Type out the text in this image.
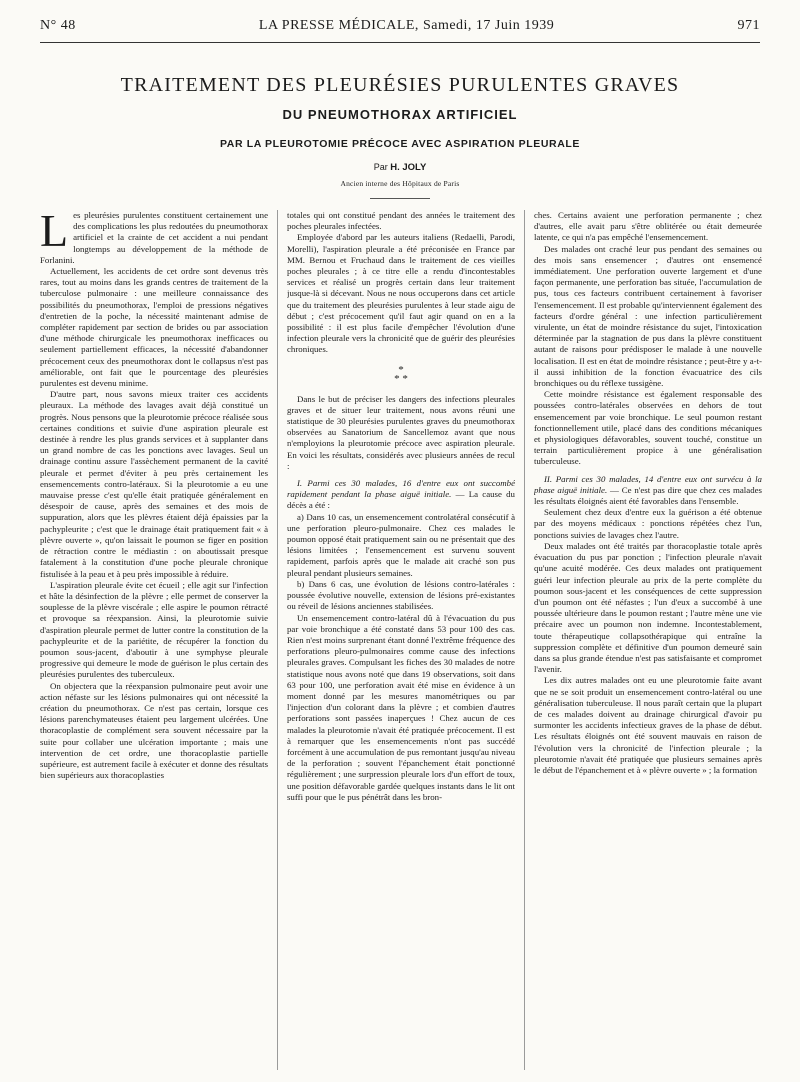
N° 48	LA PRESSE MÉDICALE, Samedi, 17 Juin 1939	971
TRAITEMENT DES PLEURÉSIES PURULENTES GRAVES
DU PNEUMOTHORAX ARTIFICIEL
PAR LA PLEUROTOMIE PRÉCOCE AVEC ASPIRATION PLEURALE
Par H. JOLY
Ancien interne des Hôpitaux de Paris
L es pleurésies purulentes constituent certainement une des complications les plus redoutées du pneumothorax artificiel et la crainte de cet accident a nui pendant longtemps au développement de la méthode de Forlanini.

Actuellement, les accidents de cet ordre sont devenus très rares, tout au moins dans les grands centres de traitement de la tuberculose pulmonaire : une meilleure connaissance des possibilités du pneumothorax, l'emploi de pressions négatives d'entretien de la poche, la nécessité maintenant admise de compléter rapidement par section de brides ou par association d'une méthode chirurgicale les pneumothorax inefficaces ou seulement partiellement efficaces, la nécessité d'abandonner précocement ceux des pneumothorax dont le collapsus n'est pas améliorable, ont fait que le pourcentage des pleurésies purulentes est devenu minime.

D'autre part, nous savons mieux traiter ces accidents pleuraux. La méthode des lavages avait déjà constitué un progrès. Nous pensons que la pleurotomie précoce réalisée sous certaines conditions et suivie d'une aspiration pleurale est destinée à rendre les plus grands services et à supplanter dans un grand nombre de cas les ponctions avec lavages. Seul un drainage continu assure l'assèchement permanent de la cavité pleurale et permet d'éviter à peu près certainement les ensemencements contro-latéraux. Si la pleurotomie a eu une mauvaise presse c'est qu'elle était pratiquée généralement en désespoir de cause, après des semaines et des mois de suppuration, alors que les plèvres étaient déjà épaissies par la pachypleurite ; c'est que le drainage était pratiquement fait « à plèvre ouverte », qu'on laissait le poumon se figer en position de rétraction contre le médiastin : on aboutissait presque fatalement à la constitution d'une poche pleurale chronique fistulisée à la peau et à peu près impossible à réduire.

L'aspiration pleurale évite cet écueil ; elle agit sur l'infection et hâte la désinfection de la plèvre ; elle permet de conserver la souplesse de la plèvre viscérale ; elle aspire le poumon rétracté et provoque sa réexpansion. Ainsi, la pleurotomie suivie d'aspiration pleurale permet de lutter contre la constitution de la pachypleurite et de la pariétite, de récupérer la fonction du poumon sous-jacent, d'aboutir à une symphyse pleurale progressive qui demeure le mode de guérison le plus certain des pleurésies purulentes des tuberculeux.

On objectera que la réexpansion pulmonaire peut avoir une action néfaste sur les lésions pulmonaires qui ont nécessité la création du pneumothorax. Ce n'est pas certain, lorsque ces lésions parenchymateuses étaient peu largement ulcérées. Une thoracoplastie de complément sera souvent nécessaire par la suite pour collaber une ulcération importante ; mais une intervention de cet ordre, une thoracoplastie partielle supérieure, est autrement facile à exécuter et donne des résultats bien supérieurs aux thoracoplasties

totales qui ont constitué pendant des années le traitement des poches pleurales infectées.

Employée d'abord par les auteurs italiens (Redaelli, Parodi, Morelli), l'aspiration pleurale a été préconisée en France par MM. Bernou et Fruchaud dans le traitement de ces vieilles poches pleurales ; à ce titre elle a rendu d'incontestables services et réalisé un progrès certain dans leur traitement jusque-là si décevant. Nous ne nous occuperons dans cet article que du traitement des pleurésies purulentes à leur stade aigu de début ; c'est précocement qu'il faut agir quand on en a la possibilité : il est plus facile d'empêcher l'évolution d'une infection pleurale vers la chronicité que de guérir des pleurésies chroniques.

*
* *

Dans le but de préciser les dangers des infections pleurales graves et de situer leur traitement, nous avons réuni une statistique de 30 pleurésies purulentes graves du pneumothorax observées au Sanatorium de Sancellemoz avant que nous n'employions la pleurotomie précoce avec aspiration pleurale. En voici les résultats, considérés avec plusieurs années de recul :

I. Parmi ces 30 malades, 16 d'entre eux ont succombé rapidement pendant la phase aiguë initiale. — La cause du décès a été :

a) Dans 10 cas, un ensemencement controlatéral consécutif à une perforation pleuro-pulmonaire. Chez ces malades le poumon opposé était pratiquement sain ou ne présentait que des lésions limitées ; l'ensemencement est survenu souvent rapidement, parfois après que le malade ait craché son pus pleural pendant plusieurs semaines.

b) Dans 6 cas, une évolution de lésions contro-latérales : poussée évolutive nouvelle, extension de lésions pré-existantes ou réveil de lésions anciennes stabilisées.

Un ensemencement contro-latéral dû à l'évacuation du pus par voie bronchique a été constaté dans 53 pour 100 des cas. Rien n'est moins surprenant étant donné l'extrême fréquence des perforations pleuro-pulmonaires comme cause des infections pleurales graves. Compulsant les fiches des 30 malades de notre statistique nous avons noté que dans 19 observations, soit dans 63 pour 100, une perforation avait été mise en évidence à un moment donné par les mesures manométriques ou par l'injection d'un colorant dans la plèvre ; et combien d'autres perforations sont passées inaperçues ! Chez aucun de ces malades la pleurotomie n'avait été pratiquée précocement. Il est à remarquer que les ensemencements n'ont pas succédé forcément à une accumulation de pus remontant jusqu'au niveau de la perforation ; souvent l'épanchement était ponctionné régulièrement ; une surpression pleurale lors d'un effort de toux, une position défavorable gardée quelques instants dans le lit ont suffi pour que le pus pénétrât dans les bron-

ches. Certains avaient une perforation permanente ; chez d'autres, elle avait paru s'être oblitérée ou était demeurée latente, ce qui n'a pas empêché l'ensemencement.

Des malades ont craché leur pus pendant des semaines ou des mois sans ensemencer ; d'autres ont ensemencé immédiatement. Une perforation ouverte largement et d'une façon permanente, une perforation bas située, l'accumulation de pus, tous ces facteurs contribuent certainement à favoriser l'ensemencement. Il est probable qu'interviennent également des facteurs d'ordre général : une infection particulièrement virulente, un état de moindre résistance du sujet, l'intoxication déterminée par la stagnation de pus dans la plèvre constituent autant de raisons pour prédisposer le malade à une nouvelle localisation. Il est en état de moindre résistance ; peut-être y a-t-il aussi inhibition de la fonction évacuatrice des cils bronchiques ou du réflexe tussigène.

Cette moindre résistance est également responsable des poussées contro-latérales observées en dehors de tout ensemencement par voie bronchique. Le seul poumon restant fonctionnellement utile, placé dans des conditions mécaniques et physiologiques défavorables, souvent touché, constitue un terrain particulièrement propice à une généralisation tuberculeuse.

II. Parmi ces 30 malades, 14 d'entre eux ont survécu à la phase aiguë initiale. — Ce n'est pas dire que chez ces malades les résultats éloignés aient été favorables dans l'ensemble.

Seulement chez deux d'entre eux la guérison a été obtenue par des moyens médicaux : ponctions répétées chez l'un, ponctions suivies de lavages chez l'autre.

Deux malades ont été traités par thoracoplastie totale après évacuation du pus par ponction ; l'infection pleurale n'avait qu'une acuité modérée. Ces deux malades ont pratiquement guéri leur infection pleurale au prix de la perte complète du poumon sous-jacent et les conséquences de cette suppression d'un poumon ont été néfastes ; l'un d'eux a succombé à une poussée ultérieure dans le poumon restant ; l'autre mène une vie précaire avec un poumon non indemne. Incontestablement, toute thérapeutique collapsothérapique qui entraîne la suppression complète et définitive d'un poumon demeuré sain dans sa plus grande étendue n'est pas satisfaisante et compromet l'avenir.

Les dix autres malades ont eu une pleurotomie faite avant que ne se soit produit un ensemencement contro-latéral ou une généralisation tuberculeuse. Il nous paraît certain que la plupart de ces malades doivent au drainage chirurgical d'avoir pu surmonter les accidents infectieux graves de la phase de début. Les résultats éloignés ont été souvent mauvais en raison de l'évolution vers la chronicité de l'infection pleurale ; la pleurotomie n'avait été pratiquée que plusieurs semaines après le début de l'épanchement et à « plèvre ouverte » ; la formation
